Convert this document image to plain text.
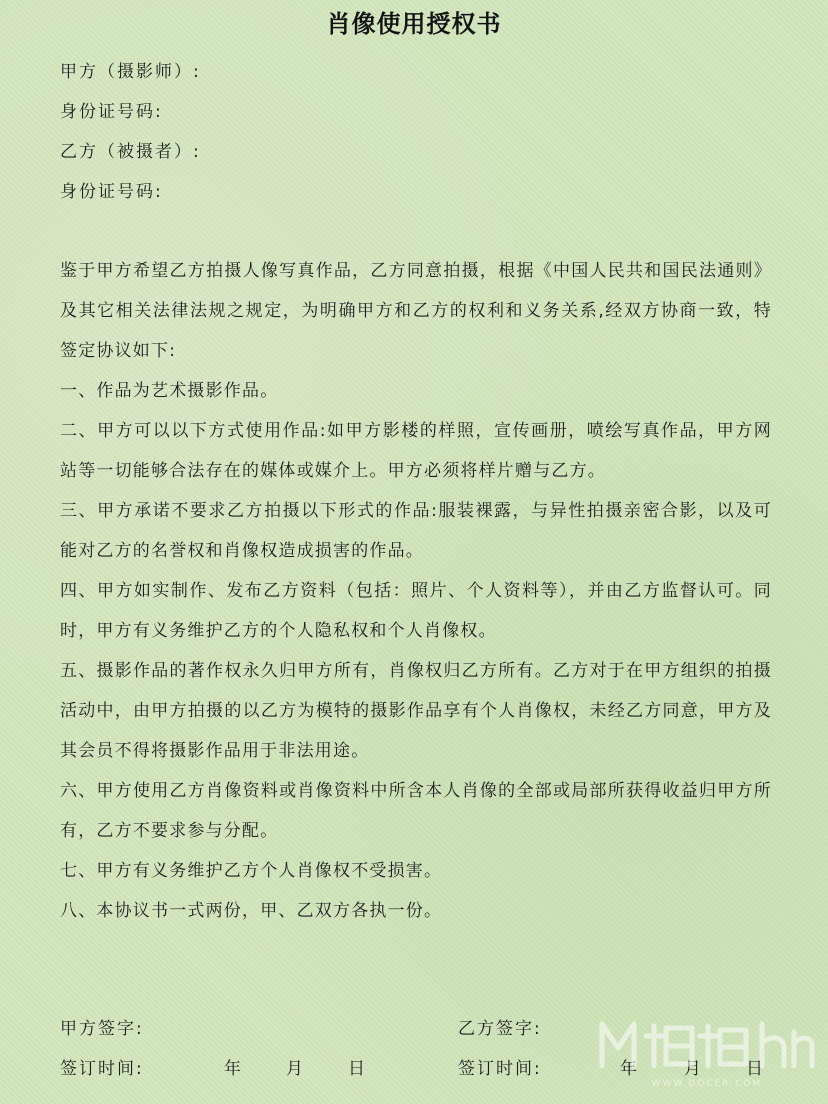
肖像使用授权书
甲方（摄影师）:
身份证号码:
乙方（被摄者）:
身份证号码:
鉴于甲方希望乙方拍摄人像写真作品，乙方同意拍摄，根据《中国人民共和国民法通则》及其它相关法律法规之规定，为明确甲方和乙方的权利和义务关系,经双方协商一致，特签定协议如下:
一、作品为艺术摄影作品。
二、甲方可以以下方式使用作品:如甲方影楼的样照，宣传画册，喷绘写真作品，甲方网站等一切能够合法存在的媒体或媒介上。甲方必须将样片赠与乙方。
三、甲方承诺不要求乙方拍摄以下形式的作品:服装裸露，与异性拍摄亲密合影，以及可能对乙方的名誉权和肖像权造成损害的作品。
四、甲方如实制作、发布乙方资料（包括：照片、个人资料等），并由乙方监督认可。同时，甲方有义务维护乙方的个人隐私权和个人肖像权。
五、摄影作品的著作权永久归甲方所有，肖像权归乙方所有。乙方对于在甲方组织的拍摄活动中，由甲方拍摄的以乙方为模特的摄影作品享有个人肖像权，未经乙方同意，甲方及其会员不得将摄影作品用于非法用途。
六、甲方使用乙方肖像资料或肖像资料中所含本人肖像的全部或局部所获得收益归甲方所有，乙方不要求参与分配。
七、甲方有义务维护乙方个人肖像权不受损害。
八、本协议书一式两份，甲、乙双方各执一份。
甲方签字:	乙方签字:
签订时间:	年	月	日	签订时间:	年	月	日
WWW.DOCER.COM
